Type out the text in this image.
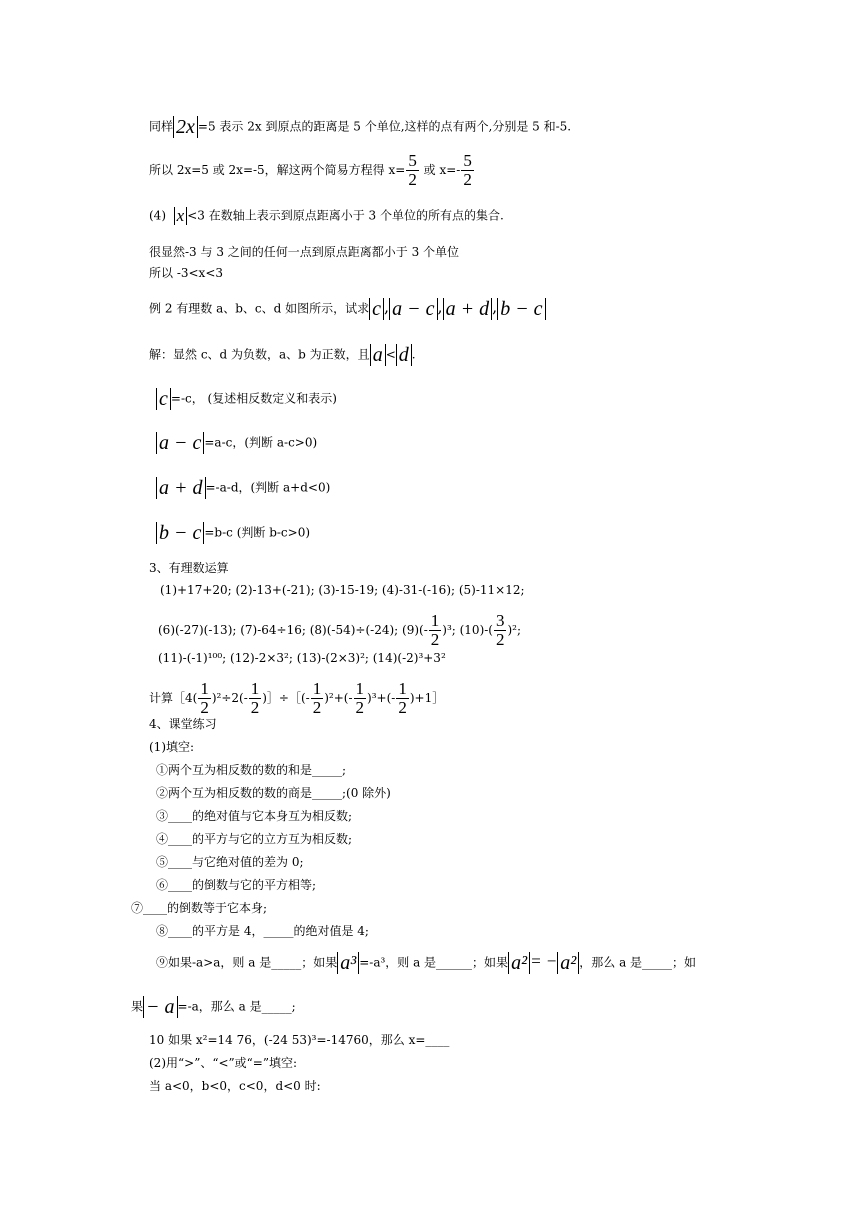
同样 2x =5 表示 2x 到原点的距离是 5 个单位,这样的点有两个,分别是 5 和-5.
所以 2x=5 或 2x=-5，解这两个简易方程得 $x= \frac{5}{2}$ 或 $x=- \frac{5}{2}$
(4) x <3 在数轴上表示到原点距离小于 3 个单位的所有点的集合.
很显然-3 与 3 之间的任何一点到原点距离都小于 3 个单位
所以 -3<x<3
例 2 有理数 a、b、c、d 如图所示，试求 c , a − c , a + d , b − c
解：显然 c、d 为负数，a、b 为正数，且 a < d .
c =-c， (复述相反数定义和表示)
a − c =a-c，(判断 a-c>0)
a + d =-a-d，(判断 a+d<0)
b − c =b-c (判断 b-c>0)
3、有理数运算
(1)+17+20; (2)-13+(-21); (3)-15-19; (4)-31-(-16); (5)-11×12;
(6)(-27)(-13); (7)-64÷16; (8)(-54)÷(-24); $(9)(- \frac{1}{2} )^3$; $(10)-( \frac{3}{2} )^2$;
(11)-(-1)¹⁰⁰; (12)-2×3²; (13)-(2×3)²; (14)(-2)³+3²
计算［4( $\frac{1}{2} )^2\div 2(- \frac{1}{2}$ )］÷［(- $\frac{1}{2} )^2+(- \frac{1}{2} )^3+(- \frac{1}{2}$ )+1］
4、课堂练习
(1)填空:
①两个互为相反数的数的和是_____;
②两个互为相反数的数的商是_____;(0 除外)
③____的绝对值与它本身互为相反数;
④____的平方与它的立方互为相反数;
⑤____与它绝对值的差为 0;
⑥____的倒数与它的平方相等;
⑦____的倒数等于它本身;
⑧____的平方是 4，_____的绝对值是 4;
⑨如果-a>a，则 a 是_____；如果 a³ =-a³，则 a 是______；如果 a² = − a² ，那么 a 是_____；如
果 − a =-a，那么 a 是_____;
10 如果 x²=14 76，(-24 53)³=-14760，那么 x=____
(2)用“>”、“<”或“=”填空:
当 a<0，b<0，c<0，d<0 时:
